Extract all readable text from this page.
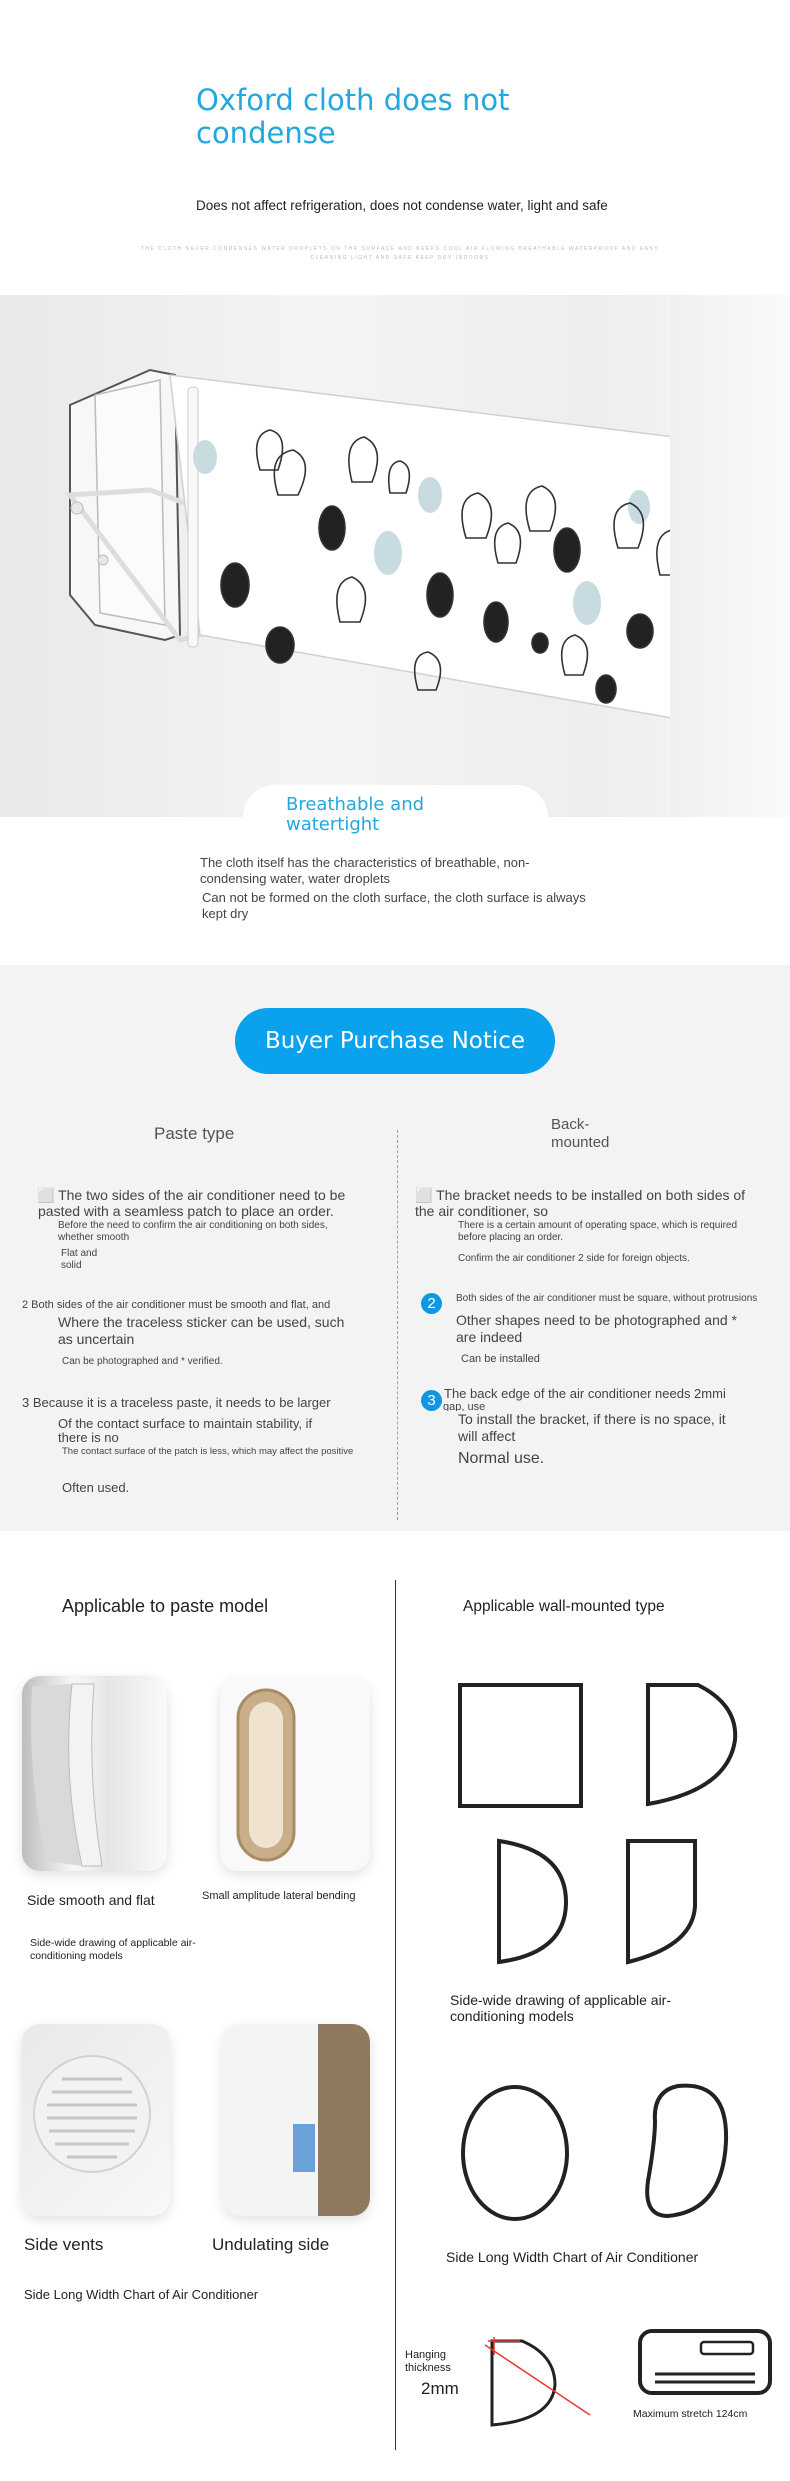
Oxford cloth does not condense
Does not affect refrigeration, does not condense water, light and safe
THE CLOTH NEVER CONDENSES WATER DROPLETS ON THE SURFACE AND KEEPS COOL AIR FLOWING BREATHABLE WATERPROOF AND EASY CLEANING LIGHT AND SAFE KEEP DRY INDOORS
Breathable and watertight
The cloth itself has the characteristics of breathable, non-condensing water, water droplets
Can not be formed on the cloth surface, the cloth surface is always kept dry
Buyer Purchase Notice
Paste type	Back-mounted
⬜ The two sides of the air conditioner need to be
pasted with a seamless patch to place an order.
Before the need to confirm the air conditioning on both sides, whether smooth
Flat and
solid
2 Both sides of the air conditioner must be smooth and flat, and
Where the traceless sticker can be used, such
as uncertain
Can be photographed and * verified.
3 Because it is a traceless paste, it needs to be larger
Of the contact surface to maintain stability, if
there is no
The contact surface of the patch is less, which may affect the positive
Often used.
⬜ The bracket needs to be installed on both sides of
the air conditioner, so
There is a certain amount of operating space, which is required before placing an order.
Confirm the air conditioner 2 side for foreign objects.
2	Both sides of the air conditioner must be square, without protrusions
Other shapes need to be photographed and *
are indeed
Can be installed
3 The back edge of the air conditioner needs 2mmi
gap, use
To install the bracket, if there is no space, it
will affect
Normal use.
Applicable to paste model	Applicable wall-mounted type
Side smooth and flat	Small amplitude lateral bending
Side-wide drawing of applicable air-conditioning models
Side vents	Undulating side
Side Long Width Chart of Air Conditioner
Side-wide drawing of applicable air-conditioning models
Side Long Width Chart of Air Conditioner
Hanging thickness
2mm
Maximum stretch 124cm
